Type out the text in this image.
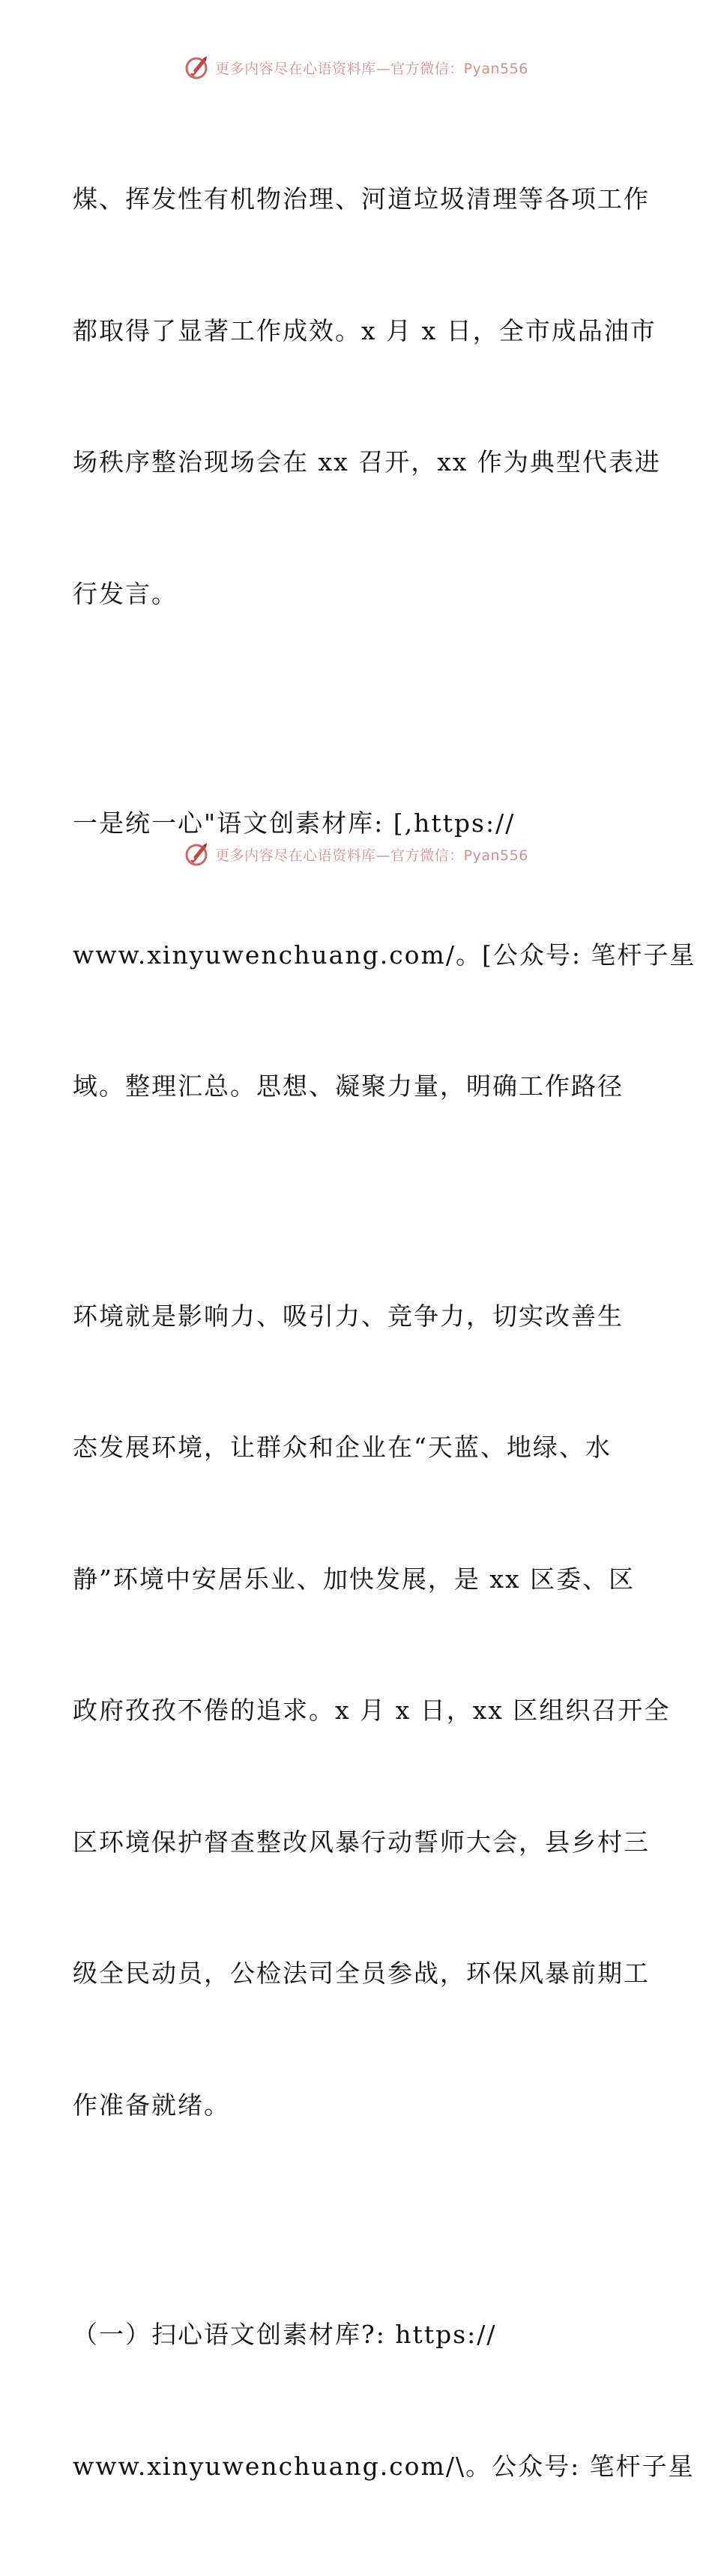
更多内容尽在心语资料库—官方微信：Pyan556

煤、挥发性有机物治理、河道垃圾清理等各项工作

都取得了显著工作成效。x 月 x 日，全市成品油市

场秩序整治现场会在 xx 召开，xx 作为典型代表进

行发言。

一是统一心"语文创素材库: [,https://

www.xinyuwenchuang.com/。[公众号: 笔杆子星

域。整理汇总。思想、凝聚力量，明确工作路径

环境就是影响力、吸引力、竞争力，切实改善生

态发展环境，让群众和企业在“天蓝、地绿、水

静”环境中安居乐业、加快发展，是 xx 区委、区

政府孜孜不倦的追求。x 月 x 日，xx 区组织召开全

区环境保护督查整改风暴行动誓师大会，县乡村三

级全民动员，公检法司全员参战，环保风暴前期工

作准备就绪。

（一）扫心语文创素材库?: https://

www.xinyuwenchuang.com/\。公众号: 笔杆子星

更多内容尽在心语资料库—官方微信：Pyan556
